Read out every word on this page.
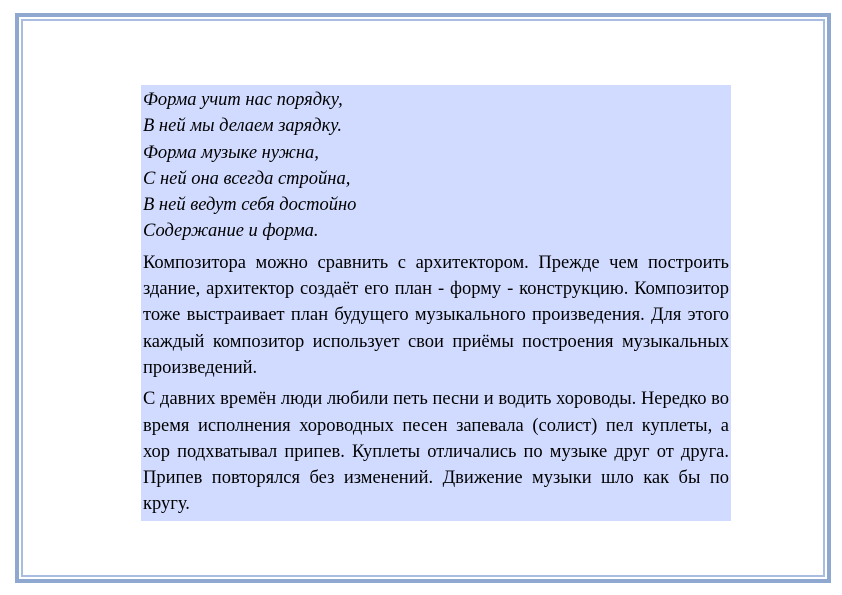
Форма учит нас порядку,
В ней мы делаем зарядку.
Форма музыке нужна,
С ней она всегда стройна,
В ней ведут себя достойно
Содержание и форма.

Композитора можно сравнить с архитектором. Прежде чем построить здание, архитектор создаёт его план - форму - конструкцию. Композитор тоже выстраивает план будущего музыкального произведения. Для этого каждый композитор использует свои приёмы построения музыкальных произведений.

С давних времён люди любили петь песни и водить хороводы. Нередко во время исполнения хороводных песен запевала (солист) пел куплеты, а хор подхватывал припев. Куплеты отличались по музыке друг от друга. Припев повторялся без изменений. Движение музыки шло как бы по кругу.
